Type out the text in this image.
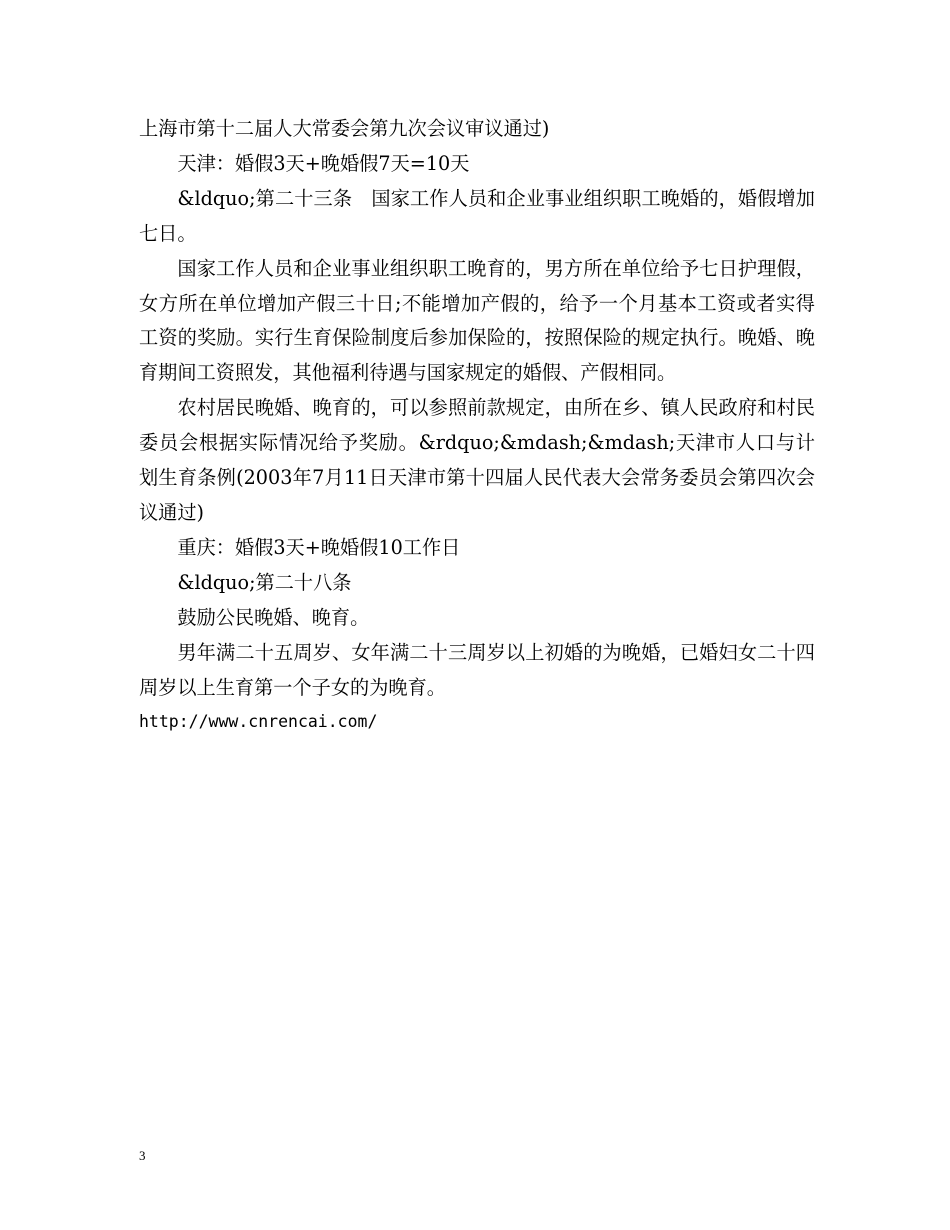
上海市第十二届人大常委会第九次会议审议通过)

天津：婚假3天+晚婚假7天=10天

&ldquo;第二十三条　国家工作人员和企业事业组织职工晚婚的，婚假增加七日。

国家工作人员和企业事业组织职工晚育的，男方所在单位给予七日护理假，女方所在单位增加产假三十日;不能增加产假的，给予一个月基本工资或者实得工资的奖励。实行生育保险制度后参加保险的，按照保险的规定执行。晚婚、晚育期间工资照发，其他福利待遇与国家规定的婚假、产假相同。

农村居民晚婚、晚育的，可以参照前款规定，由所在乡、镇人民政府和村民委员会根据实际情况给予奖励。&rdquo;&mdash;&mdash;天津市人口与计划生育条例(2003年7月11日天津市第十四届人民代表大会常务委员会第四次会议通过)

重庆：婚假3天+晚婚假10工作日

&ldquo;第二十八条

鼓励公民晚婚、晚育。

男年满二十五周岁、女年满二十三周岁以上初婚的为晚婚，已婚妇女二十四周岁以上生育第一个子女的为晚育。

http://www.cnrencai.com/

3
